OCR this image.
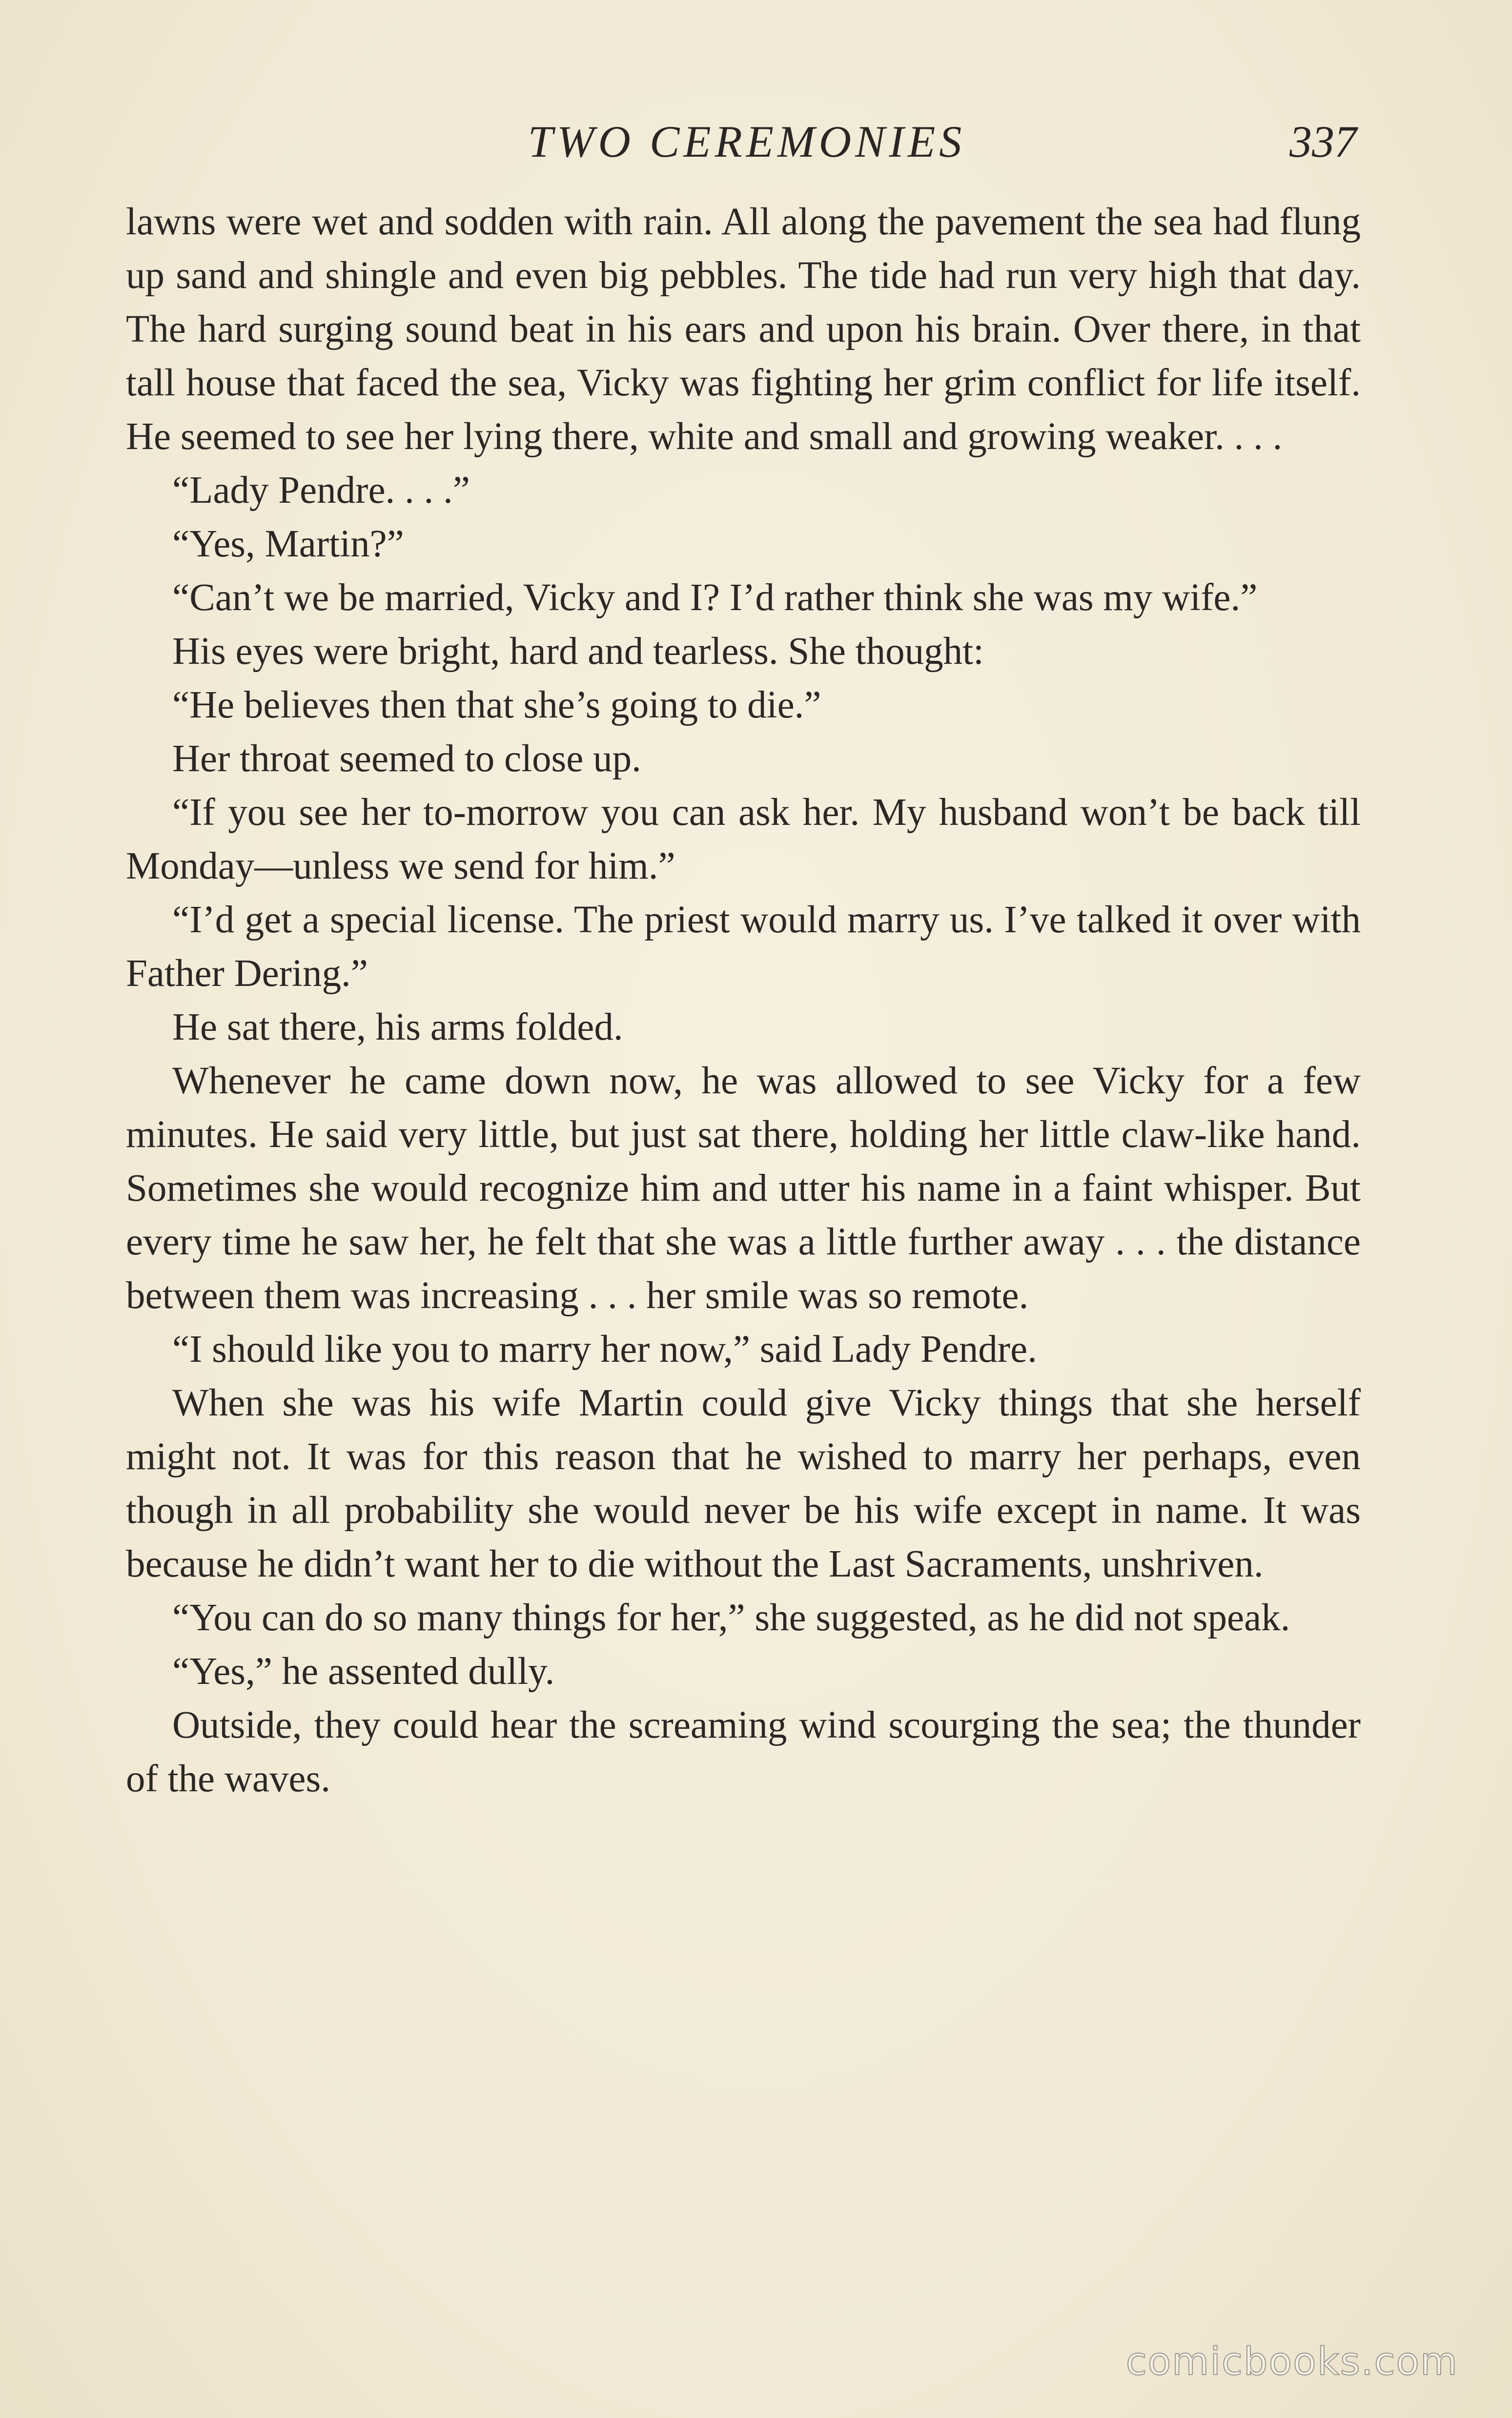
TWO CEREMONIES	337

lawns were wet and sodden with rain. All along the pavement the sea had flung up sand and shingle and even big pebbles. The tide had run very high that day. The hard surging sound beat in his ears and upon his brain. Over there, in that tall house that faced the sea, Vicky was fighting her grim conflict for life itself. He seemed to see her lying there, white and small and growing weaker. . . .

“Lady Pendre. . . .”

“Yes, Martin?”

“Can’t we be married, Vicky and I? I’d rather think she was my wife.”

His eyes were bright, hard and tearless. She thought:

“He believes then that she’s going to die.”

Her throat seemed to close up.

“If you see her to-morrow you can ask her. My husband won’t be back till Monday—unless we send for him.”

“I’d get a special license. The priest would marry us. I’ve talked it over with Father Dering.”

He sat there, his arms folded.

Whenever he came down now, he was allowed to see Vicky for a few minutes. He said very little, but just sat there, holding her little claw-like hand. Sometimes she would recognize him and utter his name in a faint whisper. But every time he saw her, he felt that she was a little further away . . . the distance between them was increasing . . . her smile was so remote.

“I should like you to marry her now,” said Lady Pendre.

When she was his wife Martin could give Vicky things that she herself might not. It was for this reason that he wished to marry her perhaps, even though in all probability she would never be his wife except in name. It was because he didn’t want her to die without the Last Sacraments, unshriven.

“You can do so many things for her,” she suggested, as he did not speak.

“Yes,” he assented dully.

Outside, they could hear the screaming wind scourging the sea; the thunder of the waves.

comicbooks.com
